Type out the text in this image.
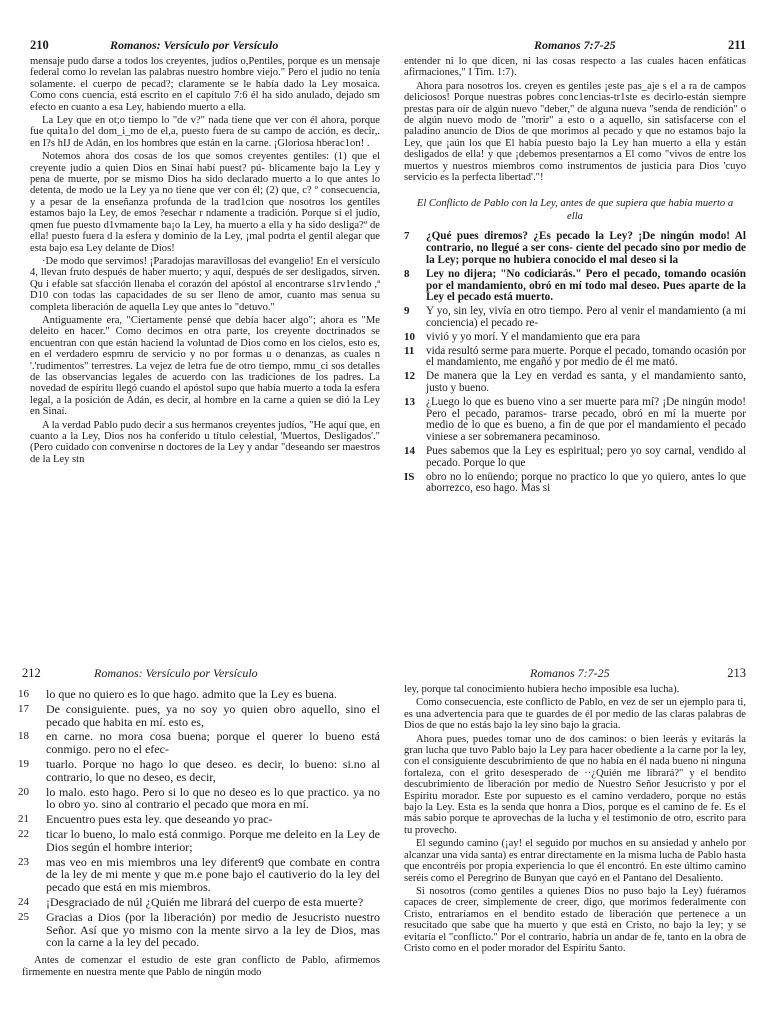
210	Romanos: Versículo por Versículo

mensaje pudo darse a todos los creyentes, judíos o,Pentiles, porque es un mensaje federal como lo revelan las palabras nuestro hombre viejo." Pero el judío no tenía solamente. el cuerpo de pecad?; claramente se le había dado la Ley mosaica. Como cons cuencia, está escrito en el capítulo 7:6 él ha sido anulado, dejado sm efecto en cuanto a esa Ley, habiendo muerto a ella.

La Ley que en ot;o tiempo lo "de v?" nada tiene que ver con él ahora, porque fue quita1o del dom_i_mo de el,a, puesto fuera de su campo de acción, es decir,. en I?s hIJ de Adán, en los hombres que están en la carne. ¡Gloriosa hberac1on! .

Notemos ahora dos cosas de los que somos creyentes gentiles: (1) que el creyente judío a quien Dios en Sinaí habí puest? pú- blicamente bajo la Ley y pena de muerte, por se mismo Dios ha sido declarado muerto a lo que antes lo detenta, de modo ue la Ley ya no tiene que ver con él; (2) que, c? º consecuencia, y a pesar de la enseñanza profunda de la trad1cion que nosotros los gentiles estamos bajo la Ley, de emos ?esechar r ndamente a tradición. Porque si el judío, qmen fue puesto d1vmamente ba¡o la Ley, ha muerto a ella y ha sido desliga?º de ella! puesto fuera d la esfera y dominio de la Ley, ¡mal podrta el gentil alegar que esta bajo esa Ley delante de Dios!

·De modo que servimos! ¡Paradojas maravillosas del evangelio! En el versículo 4, llevan fruto después de haber muerto; y aquí, después de ser desligados, sirven. Qu i efable sat sfacción llenaba el corazón del apóstol al encontrarse s1rv1endo ,ª D10 con todas las capacidades de su ser lleno de amor, cuanto mas senua su completa liberación de aquella Ley que antes lo "detuvo."

Antiguamente era, "Ciertamente pensé que debía hacer algo"; ahora es "Me deleito en hacer." Como decimos en otra parte, los creyente doctrinados se encuentran con que están haciend la voluntad de Dios como en los cielos, esto es, en el verdadero espmru de servicio y no por formas u o denanzas, as cuales n '.'rudimentos" terrestres. La vejez de letra fue de otro tiempo, mmu_ci sos detalles de las observancias legales de acuerdo con las tradiciones de los padres. La novedad de espíritu llegó cuando el apóstol supo que había muerto a toda la esfera legal, a la posición de Adán, es decir, al hombre en la carne a quien se dió la Ley en Sinaí.

A la verdad Pablo pudo decir a sus hermanos creyentes judíos, "He aquí que, en cuanto a la Ley, Dios nos ha conferido u título celestial, 'Muertos, Desligados'." (Pero cuidado con convenirse n doctores de la Ley y andar "deseando ser maestros de la Ley stn

Romanos 7:7-25	211

entender ni lo que dicen, ni las cosas respecto a las cuales hacen enfáticas afirmaciones," I Tim. 1:7).

Ahora para nosotros los. creyen es gentiles ¡este pas_aje s el a ra de campos deliciosos! Porque nuestras pobres conc1encias-tr1ste es decirlo-están siempre prestas para oír de algún nuevo "deber," de alguna nueva "senda de rendición" o de algún nuevo modo de "morir" a esto o a aquello, sin satisfacerse con el paladino anuncio de Dios de que morimos al pecado y que no estamos bajo la Ley, que ¡aún los que El había puesto bajo la Ley han muerto a ella y están desligados de ella! y que ¡debemos presentarnos a El como "vivos de entre los muertos y nuestros miembros como instrumentos de justicia para Dios 'cuyo servicio es la perfecta libertad'."!

El Conflicto de Pablo con la Ley, antes de que supiera que había muerto a ella
7	¿Qué pues diremos? ¿Es pecado la Ley? ¡De ningún modo! Al contrario, no llegué a ser cons- ciente del pecado sino por medio de la Ley; porque no hubiera conocido el mal deseo si la
8	Ley no dijera; "No codiciarás." Pero el pecado, tomando ocasión por el mandamiento, obró en mí todo mal deseo. Pues aparte de la Ley el pecado está muerto.
9	Y yo, sin ley, vivía en otro tiempo. Pero al venir el mandamiento (a mi conciencia) el pecado re-
10 vivió y yo morí. Y el mandamiento que era para
11	vida resultó serme para muerte. Porque el pecado, tomando ocasión por el mandamiento, me engañó y por medio de él me mató.
12 De manera que la Ley en verdad es santa, y el mandamiento santo, justo y bueno.
13 ¿Luego lo que es bueno vino a ser muerte para mí? ¡De ningún modo! Pero el pecado, paramos- trarse pecado, obró en mí la muerte por medio de lo que es bueno, a fin de que por el mandamiento el pecado viniese a ser sobremanera pecaminoso.
14 Pues sabemos que la Ley es espiritual; pero yo soy carnal, vendido al pecado. Porque lo que
IS	obro no lo enüendo; porque no practico lo que yo quiero, antes lo que aborrezco, eso hago. Mas si
212	Romanos: Versículo por Versículo
16	lo que no quiero es lo que hago. admito que la Ley es buena.
17	De consiguiente. pues, ya no soy yo quien obro aquello, sino el pecado que habita en mí. esto es,
18	en carne. no mora cosa buena; porque el querer lo bueno está conmigo. pero no el efec-
19	tuarlo. Porque no hago lo que deseo. es decir, lo bueno: si.no al contrario, lo que no deseo, es decir,
20	lo malo. esto hago. Pero si lo que no deseo es lo que practico. ya no lo obro yo. sino al contrario el pecado que mora en mí.
21	Encuentro pues esta ley. que deseando yo prac-
22	ticar lo bueno, lo malo está conmigo. Porque me deleito en la Ley de Dios según el hombre interior;
23	mas veo en mis miembros una ley diferent9 que combate en contra de la ley de mi mente y que m.e pone bajo el cautiverio do la ley del pecado que está en mis miembros.
24	¡Desgraciado de núl ¿Quién me librará del cuerpo de esta muerte?
25	Gracias a Dios (por la liberación) por medio de Jesucristo nuestro Señor. Así que yo mismo con la mente sirvo a la ley de Dios, mas con la carne a la ley del pecado.

Antes de comenzar el estudio de este gran conflicto de Pablo, afirmemos firmemente en nuestra mente que Pablo de ningún modo

Romanos 7:7-25	213

ley, porque tal conocimiento hubiera hecho imposible esa lucha).

Como consecuencia, este conflicto de Pablo, en vez de ser un ejemplo para ti, es una advertencia para que te guardes de él por medio de las claras palabras de Dios de que no estás bajo la ley sino bajo la gracia.

Ahora pues, puedes tomar uno de dos caminos: o bien leerás y evitarás la gran lucha que tuvo Pablo bajo la Ley para hacer obediente a la carne por la ley, con el consiguiente descubrimiento de que no había en él nada bueno ni ninguna fortaleza, con el grito desesperado de ··¿Quién me librará?" y el bendito descubrimiento de liberación por medio de Nuestro Señor Jesucristo y por el Espíritu morador. Este por supuesto es el camino verdadero, porque no estás bajo la Ley. Esta es la senda que honra a Dios, porque es el camino de fe. Es el más sabio porque te aprovechas de la lucha y el testimonio de otro, escrito para tu provecho.

El segundo camino (¡ay! el seguido por muchos en su ansiedad y anhelo por alcanzar una vida santa) es entrar directamente en la misma lucha de Pablo hasta que encontréis por propia experiencia lo que él encontró. En este último camino seréis como el Peregrino de Bunyan que cayó en el Pantano del Desaliento.

Si nosotros (como gentiles a quienes Dios no puso bajo la Ley) fuéramos capaces de creer, simplemente de creer, digo, que morimos federalmente con Cristo, entraríamos en el bendito estado de liberación que pertenece a un resucitado que sabe que ha muerto y que está en Cristo, no bajo la ley; y se evitaría el "conflicto." Por el contrario, habría un andar de fe, tanto en la obra de Cristo como en el poder morador del Espíritu Santo.
